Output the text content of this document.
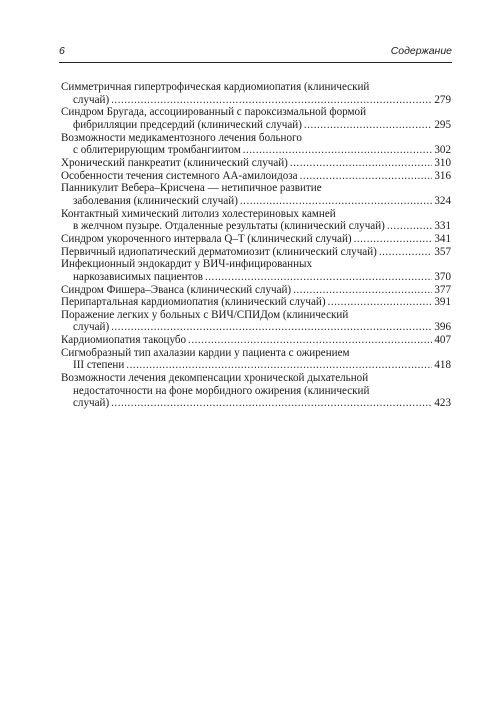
6	Содержание
Симметричная гипертрофическая кардиомиопатия (клинический
случай) .....	279
Синдром Бругада, ассоциированный с пароксизмальной формой
фибрилляции предсердий (клинический случай) .....	295
Возможности медикаментозного лечения больного
с облитерирующим тромбангиитом .....	302
Хронический панкреатит (клинический случай) .....	310
Особенности течения системного АА-амилоидоза .....	316
Панникулит Вебера–Крисчена — нетипичное развитие
заболевания (клинический случай) .....	324
Контактный химический литолиз холестериновых камней
в желчном пузыре. Отдаленные результаты (клинический случай) .....	331
Синдром укороченного интервала Q–T (клинический случай) .....	341
Первичный идиопатический дерматомиозит (клинический случай) .....	357
Инфекционный эндокардит у ВИЧ-инфицированных
наркозависимых пациентов .....	370
Синдром Фишера–Эванса (клинический случай) .....	377
Перипартальная кардиомиопатия (клинический случай) .....	391
Поражение легких у больных с ВИЧ/СПИДом (клинический
случай) .....	396
Кардиомиопатия такоцубо .....	407
Сигмобразный тип ахалазии кардии у пациента с ожирением
III степени .....	418
Возможности лечения декомпенсации хронической дыхательной
недостаточности на фоне морбидного ожирения (клинический
случай) .....	423
